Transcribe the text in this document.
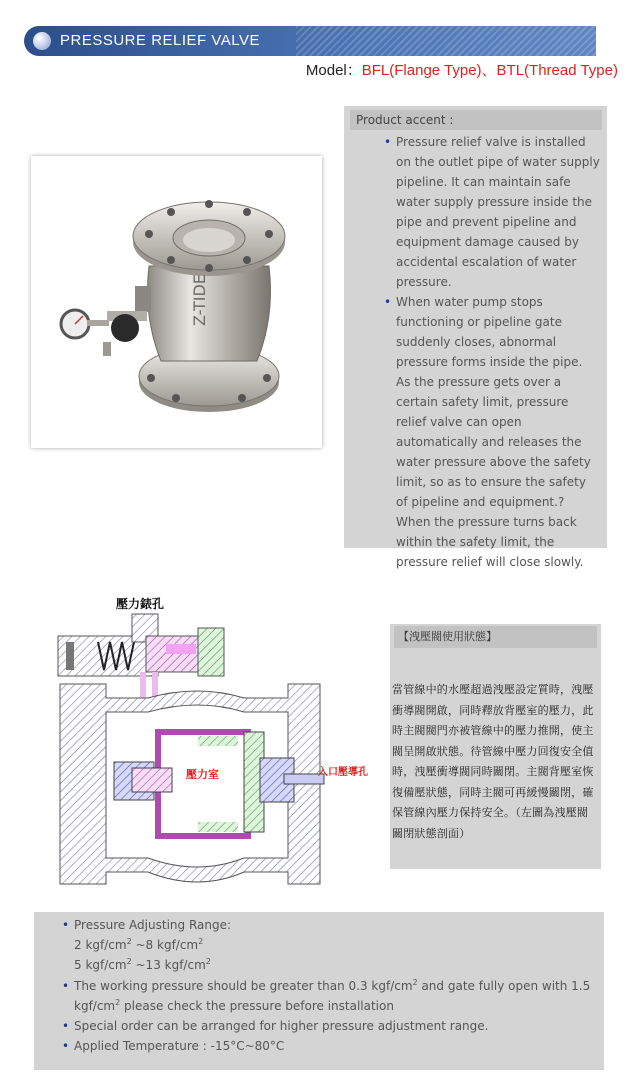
PRESSURE RELIEF VALVE
Model：BFL(Flange Type)、BTL(Thread Type)
Z-TIDE
Product accent :
• Pressure relief valve is installed on the outlet pipe of water supply pipeline. It can maintain safe water supply pressure inside the pipe and prevent pipeline and equipment damage caused by accidental escalation of water pressure.
• When water pump stops functioning or pipeline gate suddenly closes, abnormal pressure forms inside the pipe. As the pressure gets over a certain safety limit, pressure relief valve can open automatically and releases the water pressure above the safety limit, so as to ensure the safety of pipeline and equipment.? When the pressure turns back within the safety limit, the pressure relief will close slowly.
壓力錶孔
壓力室	入口壓導孔
【洩壓閥使用狀態】
當管線中的水壓超過洩壓設定質時，洩壓衝導閥開啟，同時釋放背壓室的壓力，此時主閥閥門亦被管線中的壓力推開，使主閥呈開啟狀態。待管線中壓力回復安全值時，洩壓衝導閥同時關閉。主閥背壓室恢復備壓狀態，同時主閥可再緩慢關閉，確保管線內壓力保持安全。（左圖為洩壓閥關閉狀態剖面）
• Pressure Adjusting Range:
2 kgf/$cm^2$ ~8 kgf/$cm^2$
5 kgf/$cm^2$ ~13 kgf/$cm^2$
• The working pressure should be greater than 0.3 kgf/$cm^2$ and gate fully open with 1.5
kgf/$cm^2$ please check the pressure before installation
• Special order can be arranged for higher pressure adjustment range.
• Applied Temperature : -15°C~80°C
